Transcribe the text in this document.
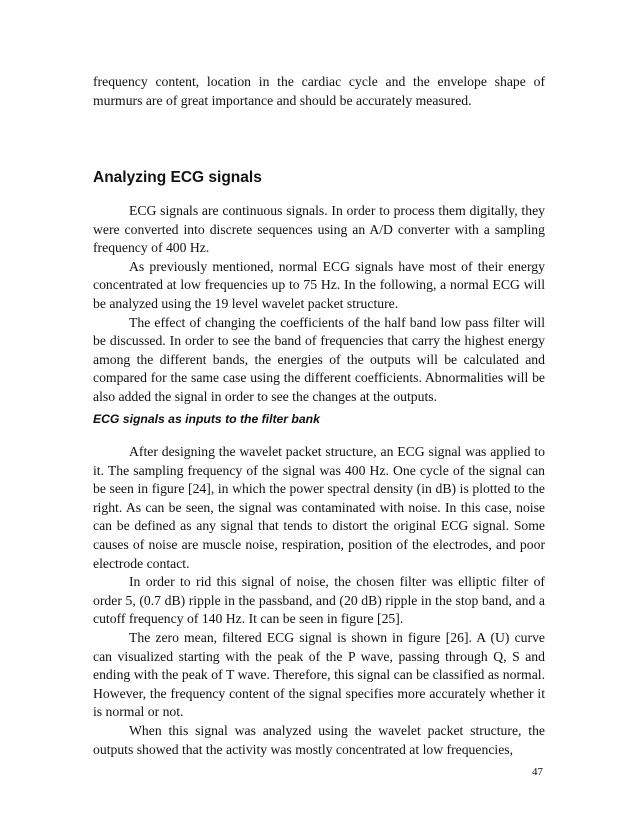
frequency content, location in the cardiac cycle and the envelope shape of murmurs are of great importance and should be accurately measured.

Analyzing ECG signals

ECG signals are continuous signals. In order to process them digitally, they were converted into discrete sequences using an A/D converter with a sampling frequency of 400 Hz.

As previously mentioned, normal ECG signals have most of their energy concentrated at low frequencies up to 75 Hz. In the following, a normal ECG will be analyzed using the 19 level wavelet packet structure.

The effect of changing the coefficients of the half band low pass filter will be discussed. In order to see the band of frequencies that carry the highest energy among the different bands, the energies of the outputs will be calculated and compared for the same case using the different coefficients. Abnormalities will be also added the signal in order to see the changes at the outputs.

ECG signals as inputs to the filter bank

After designing the wavelet packet structure, an ECG signal was applied to it. The sampling frequency of the signal was 400 Hz. One cycle of the signal can be seen in figure [24], in which the power spectral density (in dB) is plotted to the right. As can be seen, the signal was contaminated with noise. In this case, noise can be defined as any signal that tends to distort the original ECG signal. Some causes of noise are muscle noise, respiration, position of the electrodes, and poor electrode contact.

In order to rid this signal of noise, the chosen filter was elliptic filter of order 5, (0.7 dB) ripple in the passband, and (20 dB) ripple in the stop band, and a cutoff frequency of 140 Hz. It can be seen in figure [25].

The zero mean, filtered ECG signal is shown in figure [26]. A (U) curve can visualized starting with the peak of the P wave, passing through Q, S and ending with the peak of T wave. Therefore, this signal can be classified as normal. However, the frequency content of the signal specifies more accurately whether it is normal or not.

When this signal was analyzed using the wavelet packet structure, the outputs showed that the activity was mostly concentrated at low frequencies,

47
